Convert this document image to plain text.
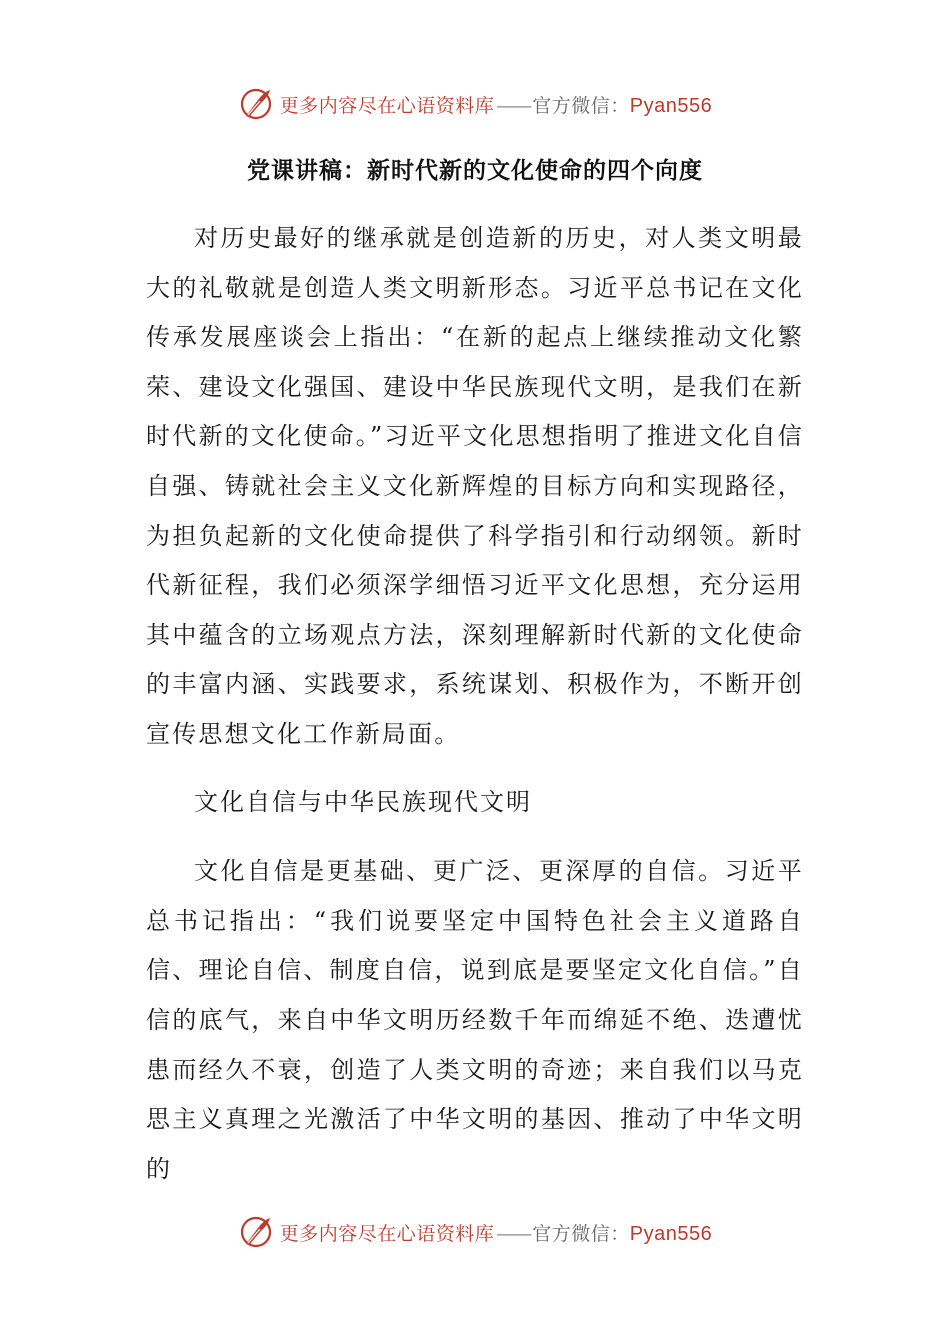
更多内容尽在心语资料库 —— 官方微信：Pyan556
党课讲稿：新时代新的文化使命的四个向度

对历史最好的继承就是创造新的历史，对人类文明最大的礼敬就是创造人类文明新形态。习近平总书记在文化传承发展座谈会上指出：“在新的起点上继续推动文化繁荣、建设文化强国、建设中华民族现代文明，是我们在新时代新的文化使命。”习近平文化思想指明了推进文化自信自强、铸就社会主义文化新辉煌的目标方向和实现路径，为担负起新的文化使命提供了科学指引和行动纲领。新时代新征程，我们必须深学细悟习近平文化思想，充分运用其中蕴含的立场观点方法，深刻理解新时代新的文化使命的丰富内涵、实践要求，系统谋划、积极作为，不断开创宣传思想文化工作新局面。

文化自信与中华民族现代文明

文化自信是更基础、更广泛、更深厚的自信。习近平总书记指出：“我们说要坚定中国特色社会主义道路自信、理论自信、制度自信，说到底是要坚定文化自信。”自信的底气，来自中华文明历经数千年而绵延不绝、迭遭忧患而经久不衰，创造了人类文明的奇迹；来自我们以马克思主义真理之光激活了中华文明的基因、推动了中华文明的

更多内容尽在心语资料库 —— 官方微信：Pyan556
